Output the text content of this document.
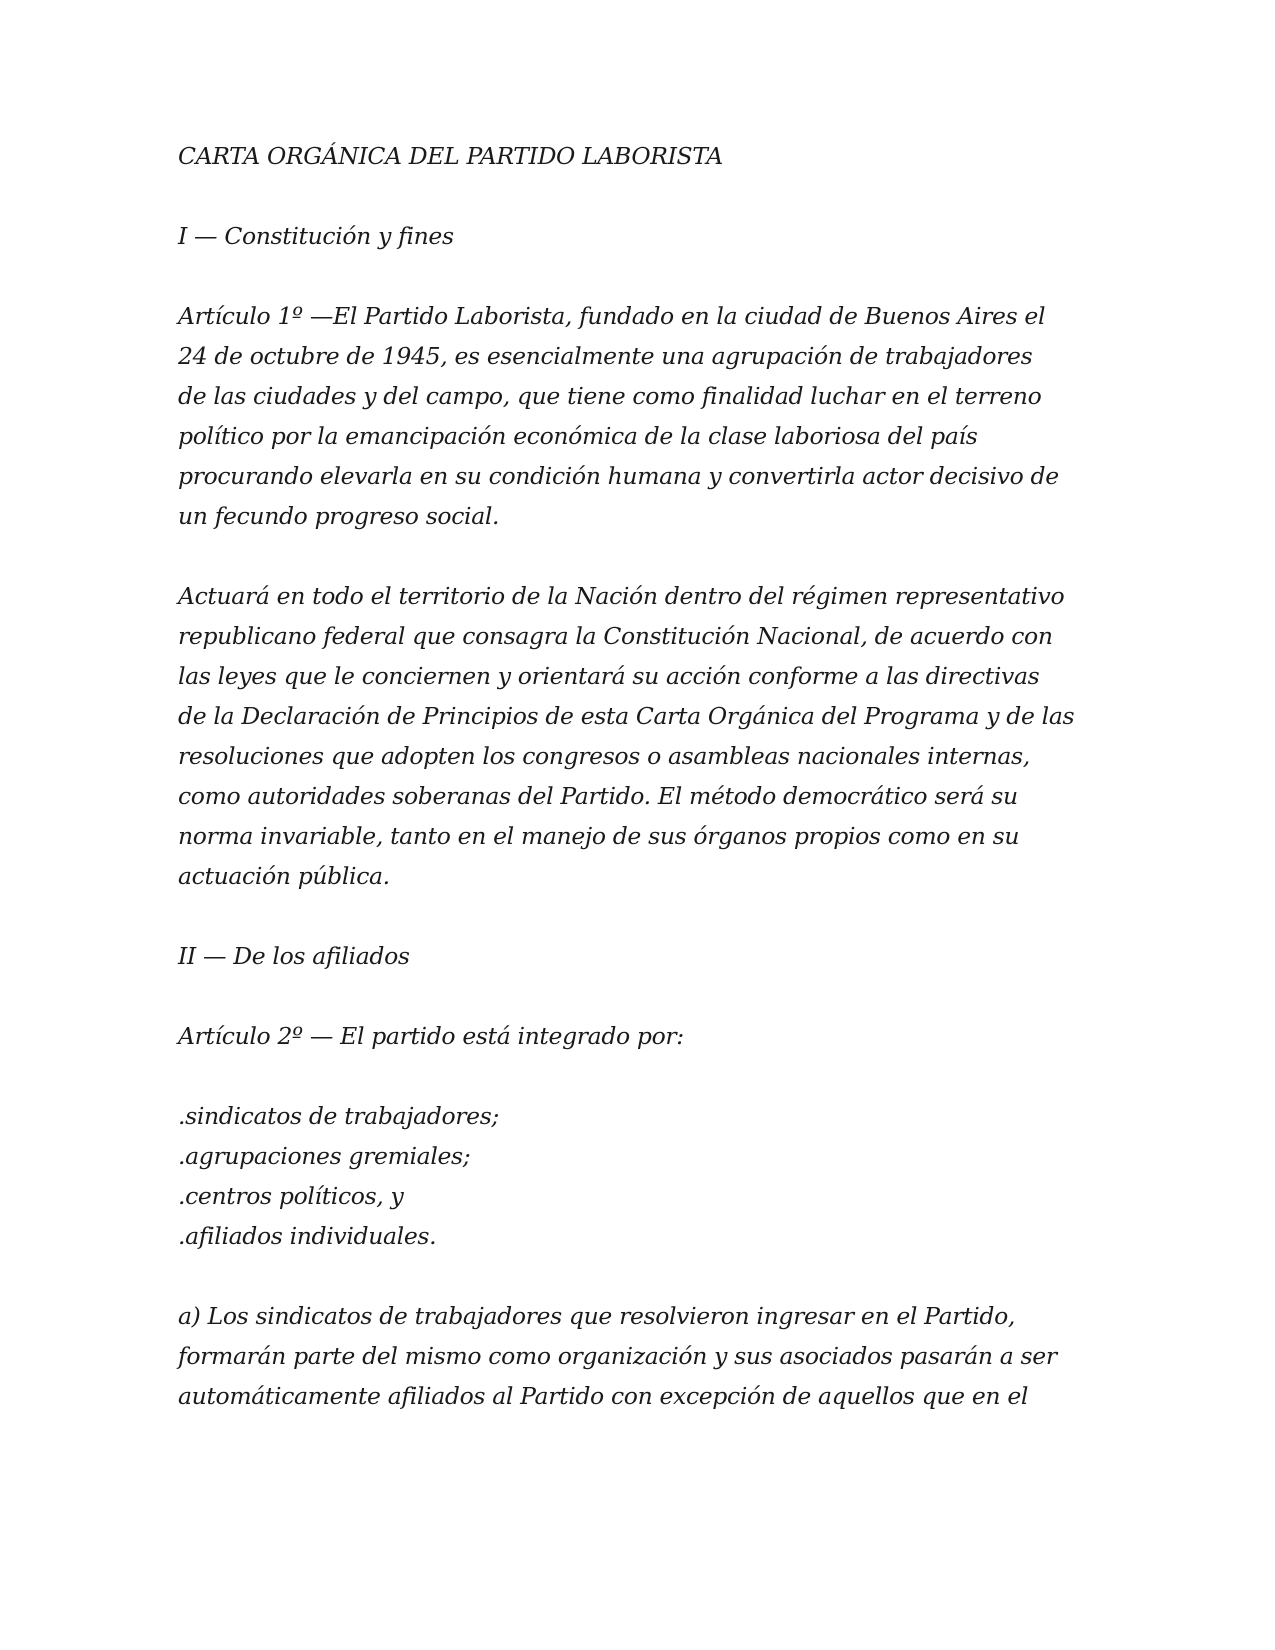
CARTA ORGÁNICA DEL PARTIDO LABORISTA

I — Constitución y fines

Artículo 1º —El Partido Laborista, fundado en la ciudad de Buenos Aires el

24 de octubre de 1945, es esencialmente una agrupación de trabajadores

de las ciudades y del campo, que tiene como finalidad luchar en el terreno

político por la emancipación económica de la clase laboriosa del país

procurando elevarla en su condición humana y convertirla actor decisivo de

un fecundo progreso social.

Actuará en todo el territorio de la Nación dentro del régimen representativo

republicano federal que consagra la Constitución Nacional, de acuerdo con

las leyes que le conciernen y orientará su acción conforme a las directivas

de la Declaración de Principios de esta Carta Orgánica del Programa y de las

resoluciones que adopten los congresos o asambleas nacionales internas,

como autoridades soberanas del Partido. El método democrático será su

norma invariable, tanto en el manejo de sus órganos propios como en su

actuación pública.

II — De los afiliados

Artículo 2º — El partido está integrado por:

.sindicatos de trabajadores;

.agrupaciones gremiales;

.centros políticos, y

.afiliados individuales.

a) Los sindicatos de trabajadores que resolvieron ingresar en el Partido,

formarán parte del mismo como organización y sus asociados pasarán a ser

automáticamente afiliados al Partido con excepción de aquellos que en el
